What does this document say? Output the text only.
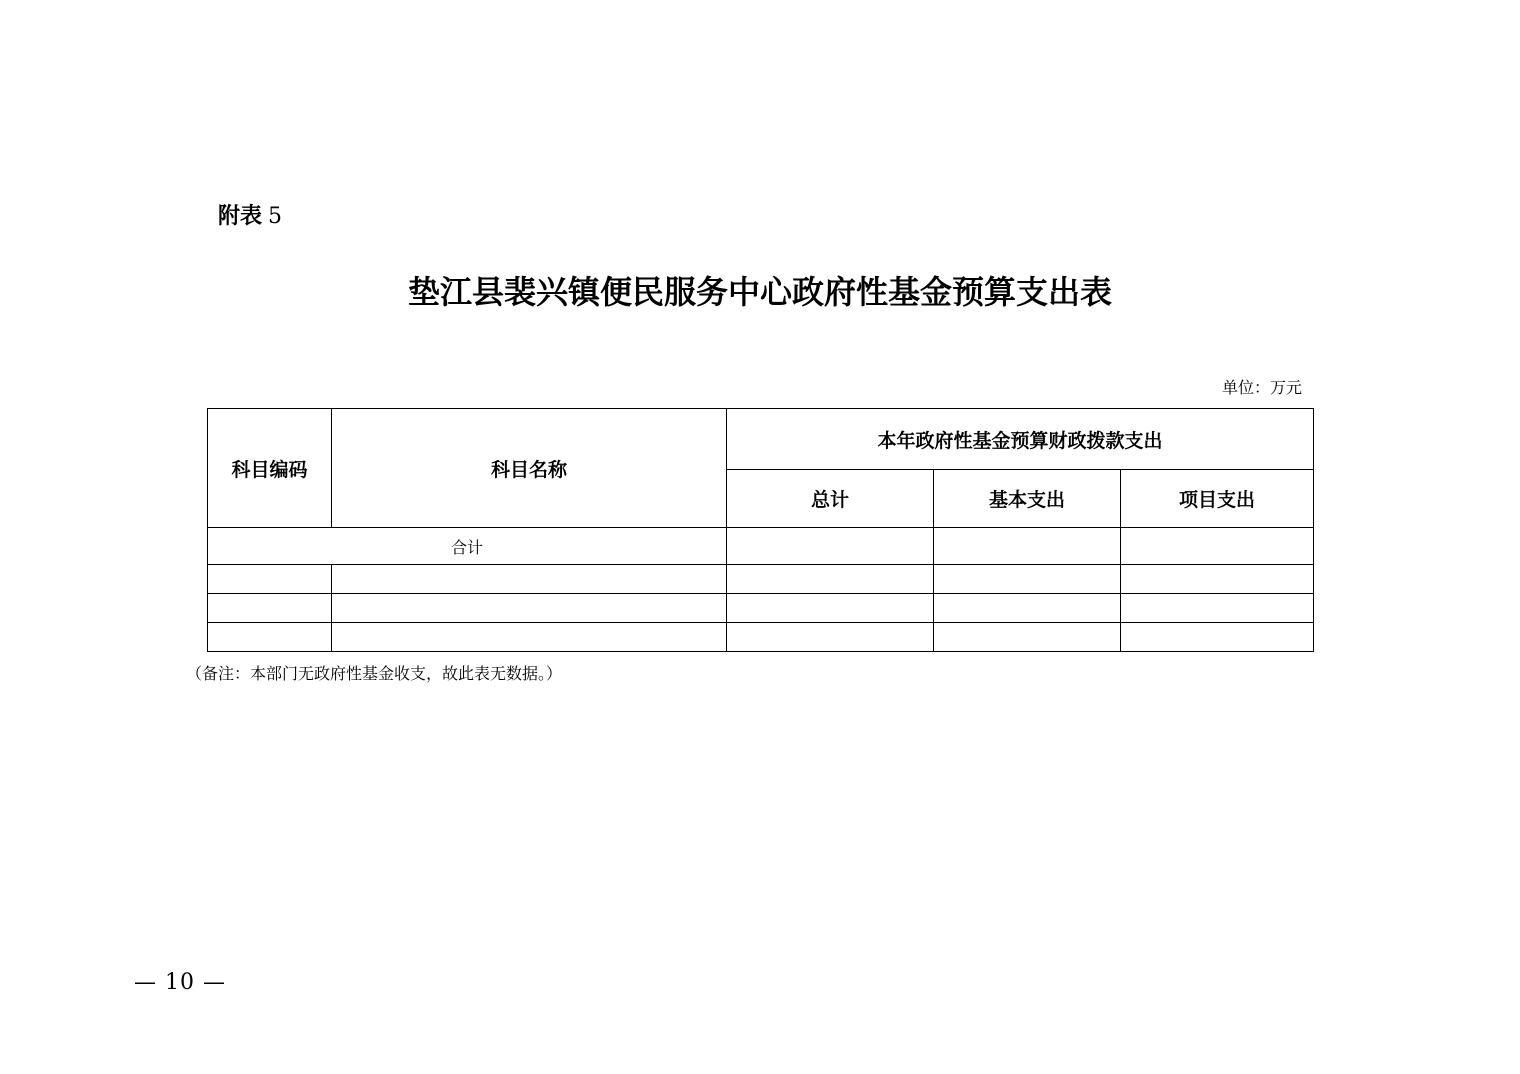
附表 5
垫江县裴兴镇便民服务中心政府性基金预算支出表
单位：万元
科目编码	科目名称	本年政府性基金预算财政拨款支出		
		总计	基本支出	项目支出
合计				

（备注：本部门无政府性基金收支，故此表无数据。）
— 10 —
